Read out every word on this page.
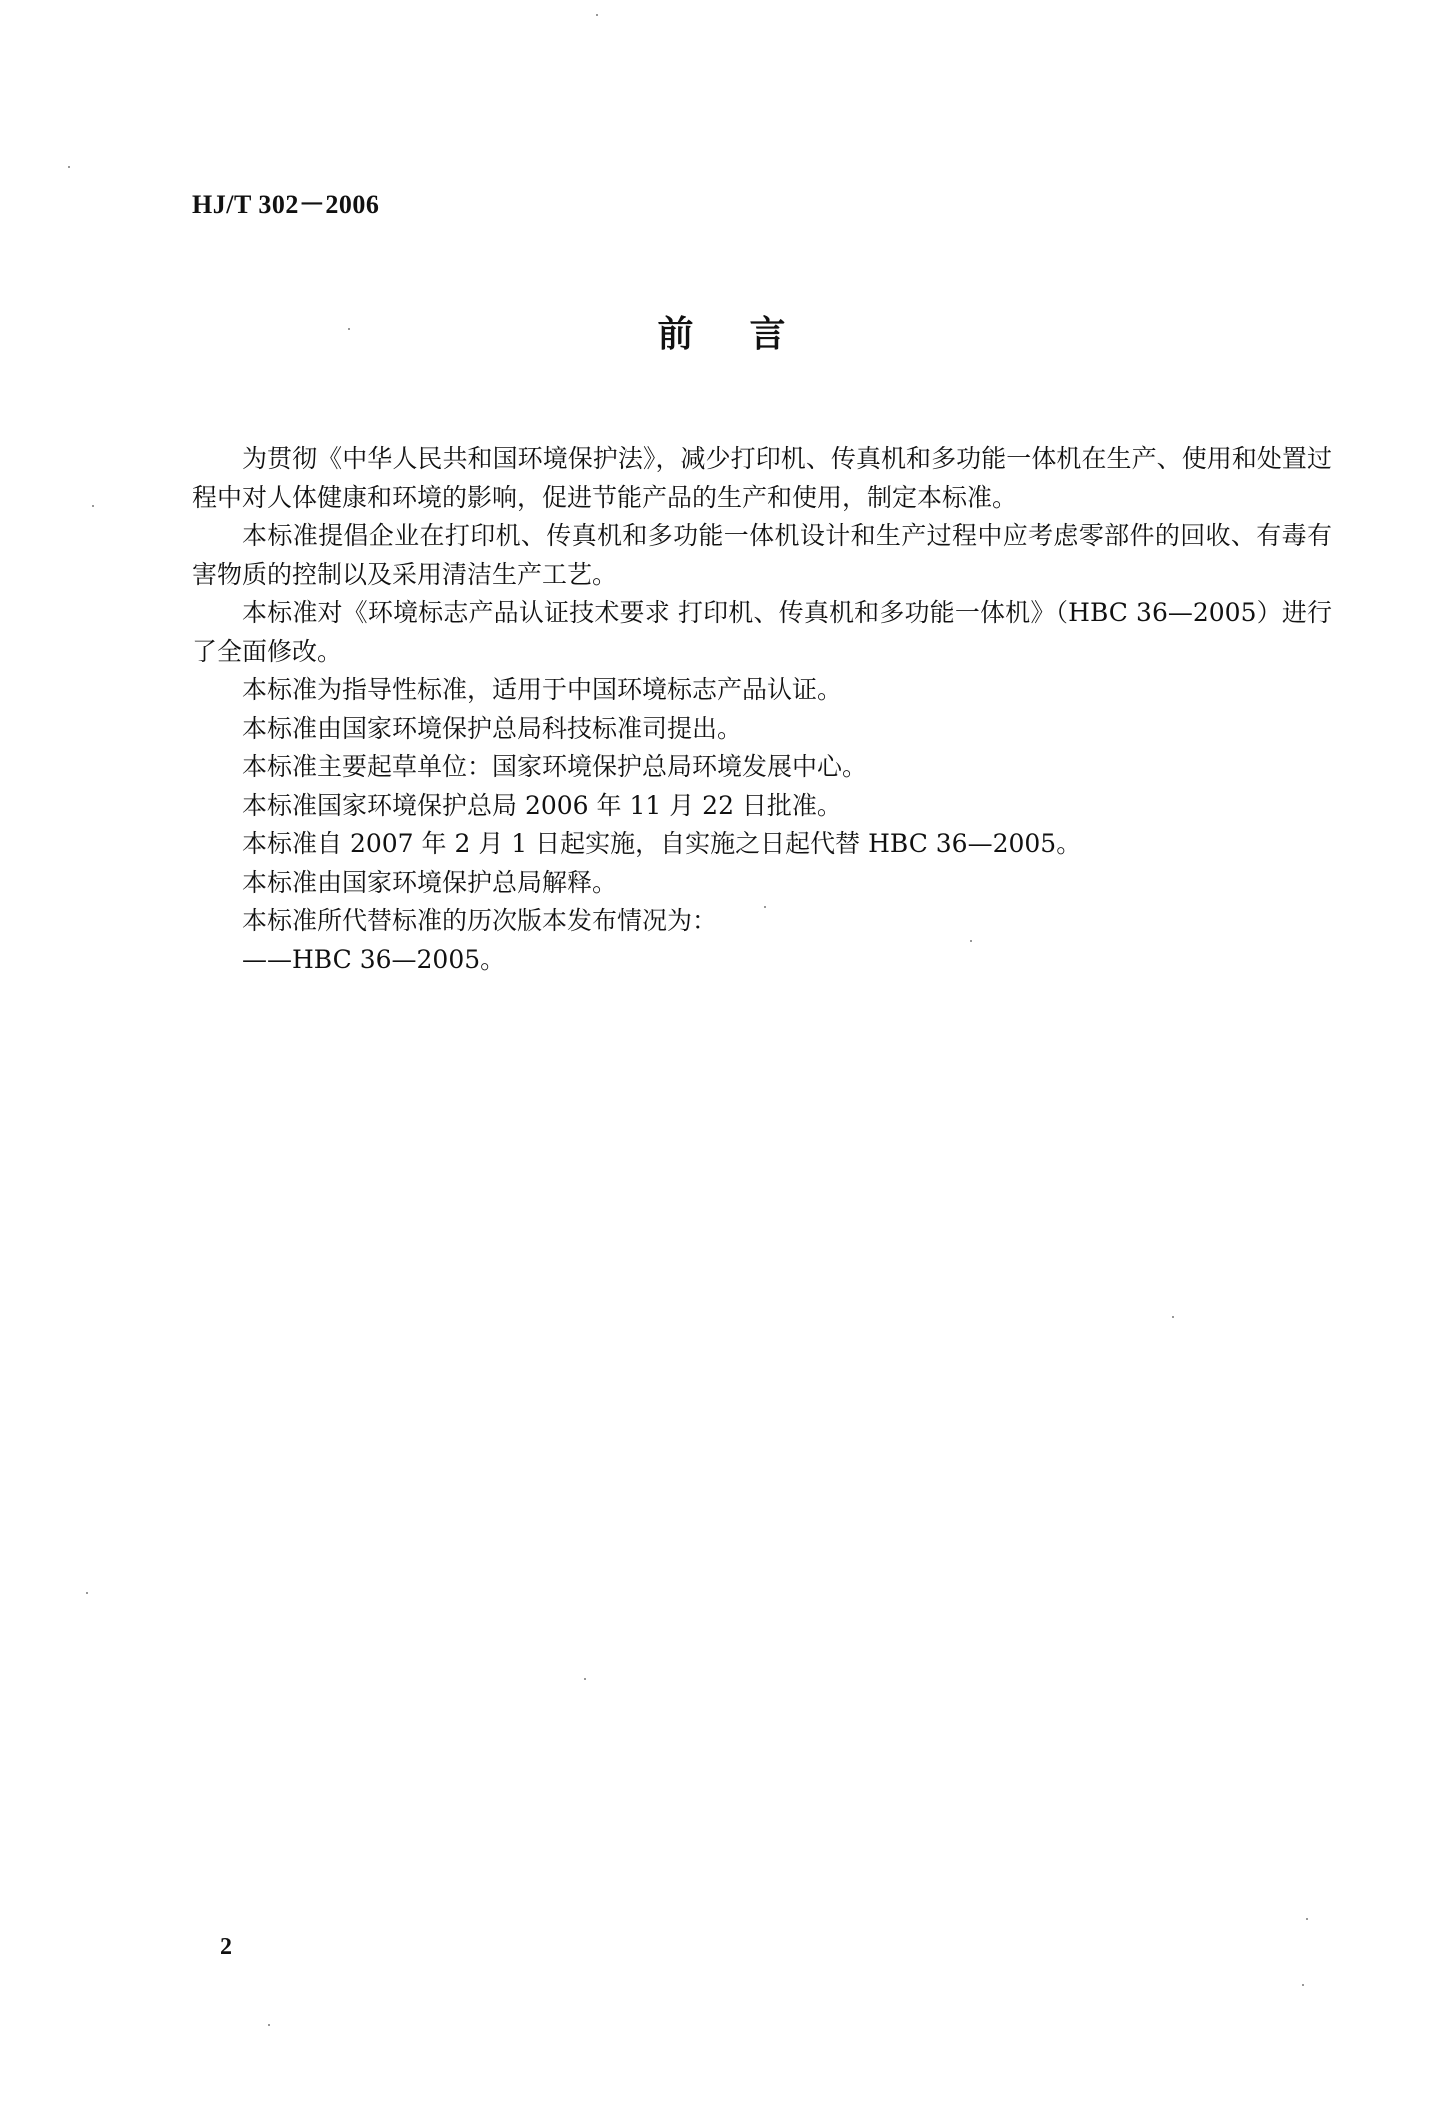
HJ/T 302－2006
前言

为贯彻《中华人民共和国环境保护法》，减少打印机、传真机和多功能一体机在生产、使用和处置过程中对人体健康和环境的影响，促进节能产品的生产和使用，制定本标准。

本标准提倡企业在打印机、传真机和多功能一体机设计和生产过程中应考虑零部件的回收、有毒有害物质的控制以及采用清洁生产工艺。

本标准对《环境标志产品认证技术要求 打印机、传真机和多功能一体机》（HBC 36—2005）进行了全面修改。

本标准为指导性标准，适用于中国环境标志产品认证。

本标准由国家环境保护总局科技标准司提出。

本标准主要起草单位：国家环境保护总局环境发展中心。

本标准国家环境保护总局 2006 年 11 月 22 日批准。

本标准自 2007 年 2 月 1 日起实施，自实施之日起代替 HBC 36—2005。

本标准由国家环境保护总局解释。

本标准所代替标准的历次版本发布情况为：

——HBC 36—2005。

2
